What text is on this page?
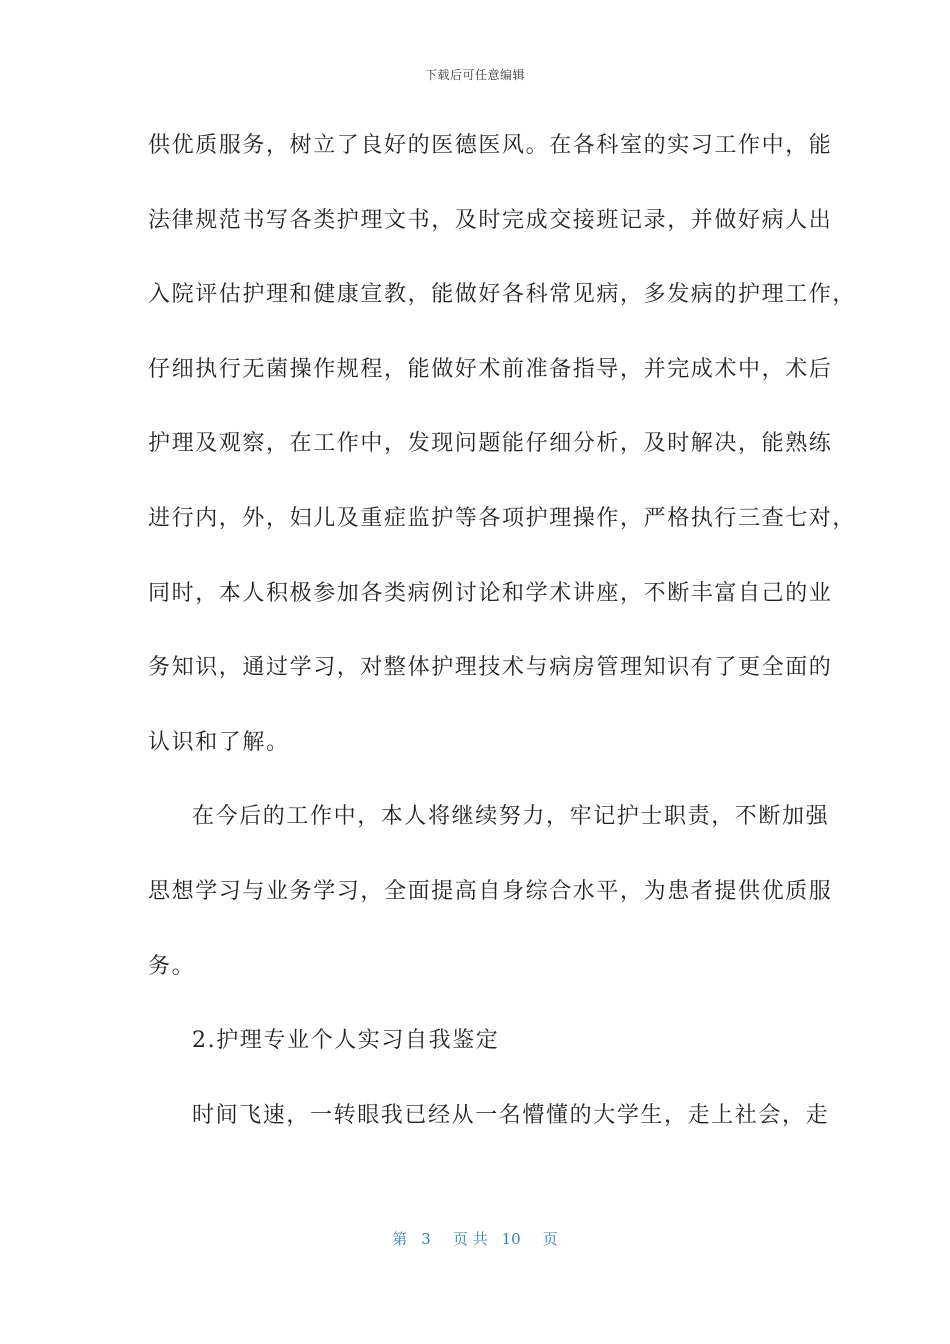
下载后可任意编辑
供优质服务，树立了良好的医德医风。在各科室的实习工作中，能
法律规范书写各类护理文书，及时完成交接班记录，并做好病人出
入院评估护理和健康宣教，能做好各科常见病，多发病的护理工作，
仔细执行无菌操作规程，能做好术前准备指导，并完成术中，术后
护理及观察，在工作中，发现问题能仔细分析，及时解决，能熟练
进行内，外，妇儿及重症监护等各项护理操作，严格执行三查七对，
同时，本人积极参加各类病例讨论和学术讲座，不断丰富自己的业
务知识，通过学习，对整体护理技术与病房管理知识有了更全面的
认识和了解。
在今后的工作中，本人将继续努力，牢记护士职责，不断加强
思想学习与业务学习，全面提高自身综合水平，为患者提供优质服
务。
2.护理专业个人实习自我鉴定
时间飞速，一转眼我已经从一名懵懂的大学生，走上社会，走
第 3 页 共 10 页
